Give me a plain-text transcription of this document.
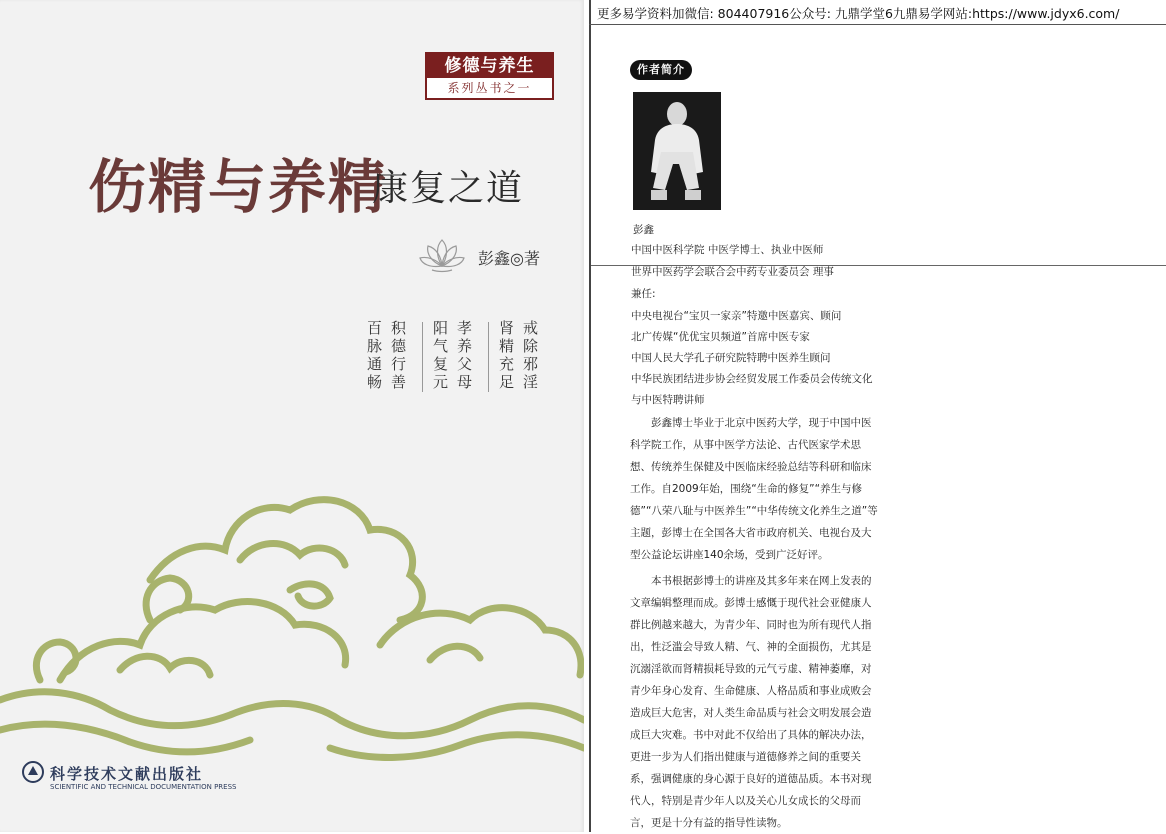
修德与养生
系列丛书之一
伤精与养精
康复之道
彭鑫◎著
戒除邪淫
肾精充足
孝养父母
阳气复元
积德行善
百脉通畅
科学技术文献出版社
SCIENTIFIC AND TECHNICAL DOCUMENTATION PRESS
更多易学资料加微信: 804407916公众号: 九鼎学堂6九鼎易学网站:https://www.jdyx6.com/
作者简介
彭鑫
中国中医科学院 中医学博士、执业中医师
世界中医药学会联合会中药专业委员会 理事
兼任:
中央电视台“宝贝一家亲”特邀中医嘉宾、顾问
北广传媒“优优宝贝频道”首席中医专家
中国人民大学孔子研究院特聘中医养生顾问
中华民族团结进步协会经贸发展工作委员会传统文化
与中医特聘讲师

彭鑫博士毕业于北京中医药大学，现于中国中医科学院工作，从事中医学方法论、古代医家学术思想、传统养生保健及中医临床经验总结等科研和临床工作。自2009年始，围绕“生命的修复”“养生与修德”“八荣八耻与中医养生”“中华传统文化养生之道”等主题，彭博士在全国各大省市政府机关、电视台及大型公益论坛讲座140余场，受到广泛好评。

本书根据彭博士的讲座及其多年来在网上发表的文章编辑整理而成。彭博士感慨于现代社会亚健康人群比例越来越大，为青少年、同时也为所有现代人指出，性泛滥会导致人精、气、神的全面损伤，尤其是沉溺淫欲而肾精损耗导致的元气亏虚、精神萎靡，对青少年身心发育、生命健康、人格品质和事业成败会造成巨大危害，对人类生命品质与社会文明发展会造成巨大灾难。书中对此不仅给出了具体的解决办法，更进一步为人们指出健康与道德修养之间的重要关系，强调健康的身心源于良好的道德品质。本书对现代人，特别是青少年人以及关心儿女成长的父母而言，更是十分有益的指导性读物。
